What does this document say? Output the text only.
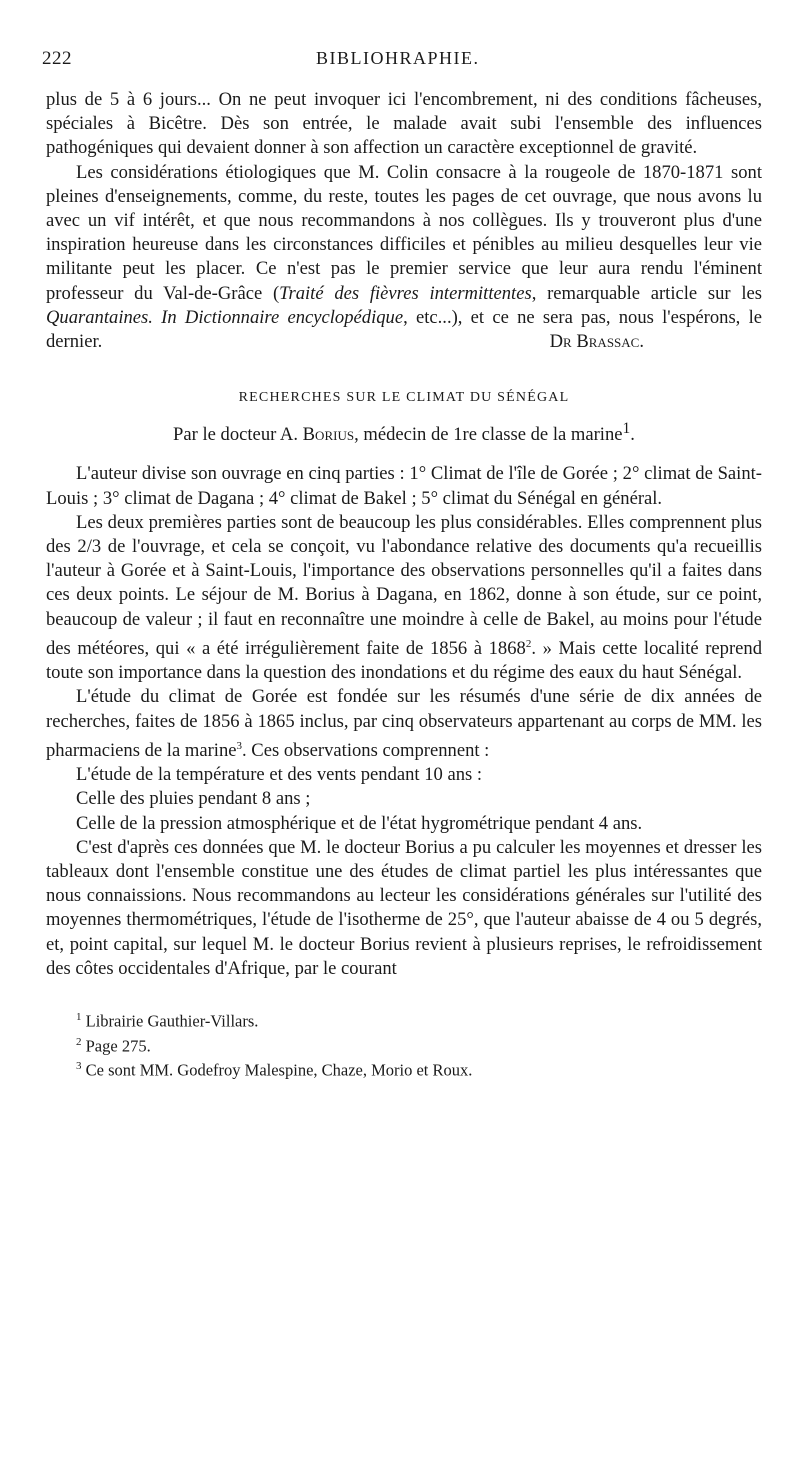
222	BIBLIOHRAPHIE.

plus de 5 à 6 jours... On ne peut invoquer ici l'encombrement, ni des conditions fâcheuses, spéciales à Bicêtre. Dès son entrée, le malade avait subi l'ensemble des influences pathogéniques qui devaient donner à son affection un caractère exceptionnel de gravité.

Les considérations étiologiques que M. Colin consacre à la rougeole de 1870-1871 sont pleines d'enseignements, comme, du reste, toutes les pages de cet ouvrage, que nous avons lu avec un vif intérêt, et que nous recommandons à nos collègues. Ils y trouveront plus d'une inspiration heureuse dans les circonstances difficiles et pénibles au milieu desquelles leur vie militante peut les placer. Ce n'est pas le premier service que leur aura rendu l'éminent professeur du Val-de-Grâce (Traité des fièvres intermittentes, remarquable article sur les Quarantaines. In Dictionnaire encyclopédique, etc...), et ce ne sera pas, nous l'espérons, le dernier.	Dr Brassac.

RECHERCHES SUR LE CLIMAT DU SÉNÉGAL
Par le docteur A. Borius, médecin de 1re classe de la marine$^1$.

L'auteur divise son ouvrage en cinq parties : 1° Climat de l'île de Gorée ; 2° climat de Saint-Louis ; 3° climat de Dagana ; 4° climat de Bakel ; 5° climat du Sénégal en général.

Les deux premières parties sont de beaucoup les plus considérables. Elles comprennent plus des 2/3 de l'ouvrage, et cela se conçoit, vu l'abondance relative des documents qu'a recueillis l'auteur à Gorée et à Saint-Louis, l'importance des observations personnelles qu'il a faites dans ces deux points. Le séjour de M. Borius à Dagana, en 1862, donne à son étude, sur ce point, beaucoup de valeur ; il faut en reconnaître une moindre à celle de Bakel, au moins pour l'étude des météores, qui « a été irrégulièrement faite de 1856 à 1868$^2$. » Mais cette localité reprend toute son importance dans la question des inondations et du régime des eaux du haut Sénégal.

L'étude du climat de Gorée est fondée sur les résumés d'une série de dix années de recherches, faites de 1856 à 1865 inclus, par cinq observateurs appartenant au corps de MM. les pharmaciens de la marine$^3$. Ces observations comprennent :

L'étude de la température et des vents pendant 10 ans :

Celle des pluies pendant 8 ans ;

Celle de la pression atmosphérique et de l'état hygrométrique pendant 4 ans.

C'est d'après ces données que M. le docteur Borius a pu calculer les moyennes et dresser les tableaux dont l'ensemble constitue une des études de climat partiel les plus intéressantes que nous connaissions. Nous recommandons au lecteur les considérations générales sur l'utilité des moyennes thermométriques, l'étude de l'isotherme de 25°, que l'auteur abaisse de 4 ou 5 degrés, et, point capital, sur lequel M. le docteur Borius revient à plusieurs reprises, le refroidissement des côtes occidentales d'Afrique, par le courant

$^1$ Librairie Gauthier-Villars.

$^2$ Page 275.

$^3$ Ce sont MM. Godefroy Malespine, Chaze, Morio et Roux.
